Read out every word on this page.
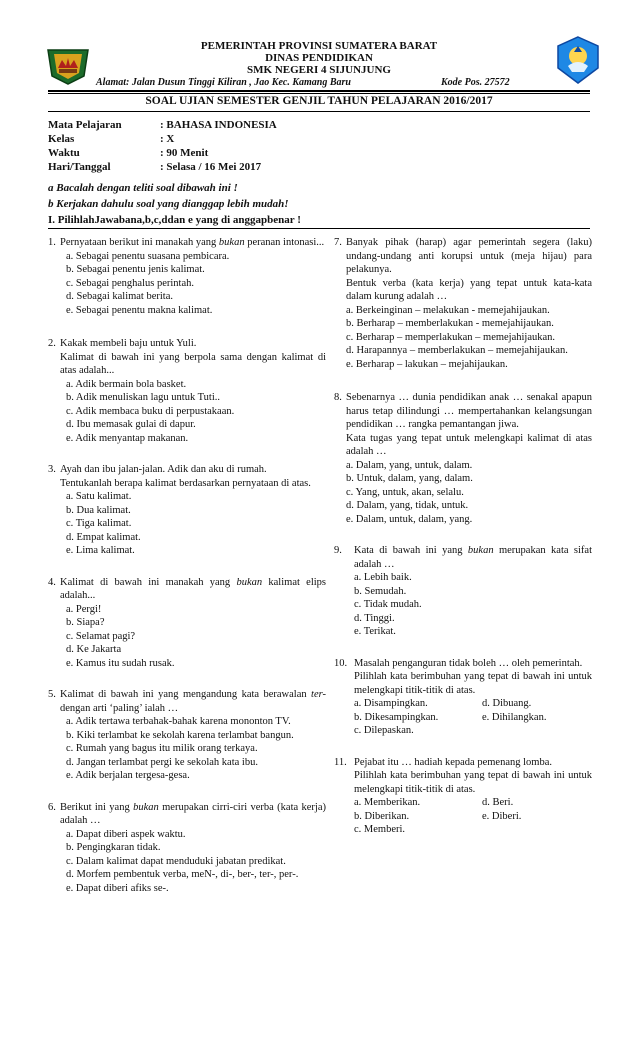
PEMERINTAH PROVINSI SUMATERA BARAT
DINAS PENDIDIKAN
SMK NEGERI 4 SIJUNJUNG
Alamat: Jalan Dusun Tinggi Kiliran , Jao Kec. Kamang Baru	Kode Pos. 27572
SOAL UJIAN SEMESTER GENJIL TAHUN PELAJARAN 2016/2017
Mata Pelajaran	: BAHASA INDONESIA
Kelas	: X
Waktu	: 90 Menit
Hari/Tanggal	: Selasa / 16 Mei 2017
a Bacalah dengan teliti soal dibawah ini !
b Kerjakan dahulu soal yang dianggap lebih mudah!
I. PilihlahJawabana,b,c,ddan e yang di anggapbenar !
1. Pernyataan berikut ini manakah yang bukan peranan intonasi...
a. Sebagai penentu suasana pembicara.
b. Sebagai penentu jenis kalimat.
c. Sebagai penghalus perintah.
d. Sebagai kalimat berita.
e. Sebagai penentu makna kalimat.
2. Kakak membeli baju untuk Yuli.
Kalimat di bawah ini yang berpola sama dengan kalimat di atas adalah...
a. Adik bermain bola basket.
b. Adik menuliskan lagu untuk Tuti..
c. Adik membaca buku di perpustakaan.
d. Ibu memasak gulai di dapur.
e. Adik menyantap makanan.
3. Ayah dan ibu jalan-jalan. Adik dan aku di rumah.
Tentukanlah berapa kalimat berdasarkan pernyataan di atas.
a. Satu kalimat.
b. Dua kalimat.
c. Tiga kalimat.
d. Empat kalimat.
e. Lima kalimat.
4. Kalimat di bawah ini manakah yang bukan kalimat elips adalah...
a. Pergi!
b. Siapa?
c. Selamat pagi?
d. Ke Jakarta
e. Kamus itu sudah rusak.
5. Kalimat di bawah ini yang mengandung kata berawalan ter- dengan arti ‘paling’ ialah …
a. Adik tertawa terbahak-bahak karena mononton TV.
b. Kiki terlambat ke sekolah karena terlambat bangun.
c. Rumah yang bagus itu milik orang terkaya.
d. Jangan terlambat pergi ke sekolah kata ibu.
e. Adik berjalan tergesa-gesa.
6. Berikut ini yang bukan merupakan cirri-ciri verba (kata kerja) adalah …
a. Dapat diberi aspek waktu.
b. Pengingkaran tidak.
c. Dalam kalimat dapat menduduki jabatan predikat.
d. Morfem pembentuk verba, meN-, di-, ber-, ter-, per-.
e. Dapat diberi afiks se-.
7. Banyak pihak (harap) agar pemerintah segera (laku) undang-undang anti korupsi untuk (meja hijau) para pelakunya.
Bentuk verba (kata kerja) yang tepat untuk kata-kata dalam kurung adalah …
a. Berkeinginan – melakukan - memejahijaukan.
b. Berharap – memberlakukan - memejahijaukan.
c. Berharap – memperlakukan – memejahijaukan.
d. Harapannya – memberlakukan – memejahijaukan.
e. Berharap – lakukan – mejahijaukan.
8. Sebenarnya … dunia pendidikan anak … senakal apapun harus tetap dilindungi … mempertahankan kelangsungan pendidikan … rangka pemantangan jiwa.
Kata tugas yang tepat untuk melengkapi kalimat di atas adalah …
a. Dalam, yang, untuk, dalam.
b. Untuk, dalam, yang, dalam.
c. Yang, untuk, akan, selalu.
d. Dalam, yang, tidak, untuk.
e. Dalam, untuk, dalam, yang.
9. Kata di bawah ini yang bukan merupakan kata sifat adalah …
a. Lebih baik.
b. Semudah.
c. Tidak mudah.
d. Tinggi.
e. Terikat.
10. Masalah penganguran tidak boleh … oleh pemerintah.
Pilihlah kata berimbuhan yang tepat di bawah ini untuk melengkapi titik-titik di atas.
a. Disampingkan.	d. Dibuang.
b. Dikesampingkan.	e. Dihilangkan.
c. Dilepaskan.
11. Pejabat itu … hadiah kepada pemenang lomba.
Pilihlah kata berimbuhan yang tepat di bawah ini untuk melengkapi titik-titik di atas.
a. Memberikan.	d. Beri.
b. Diberikan.	e. Diberi.
c. Memberi.
